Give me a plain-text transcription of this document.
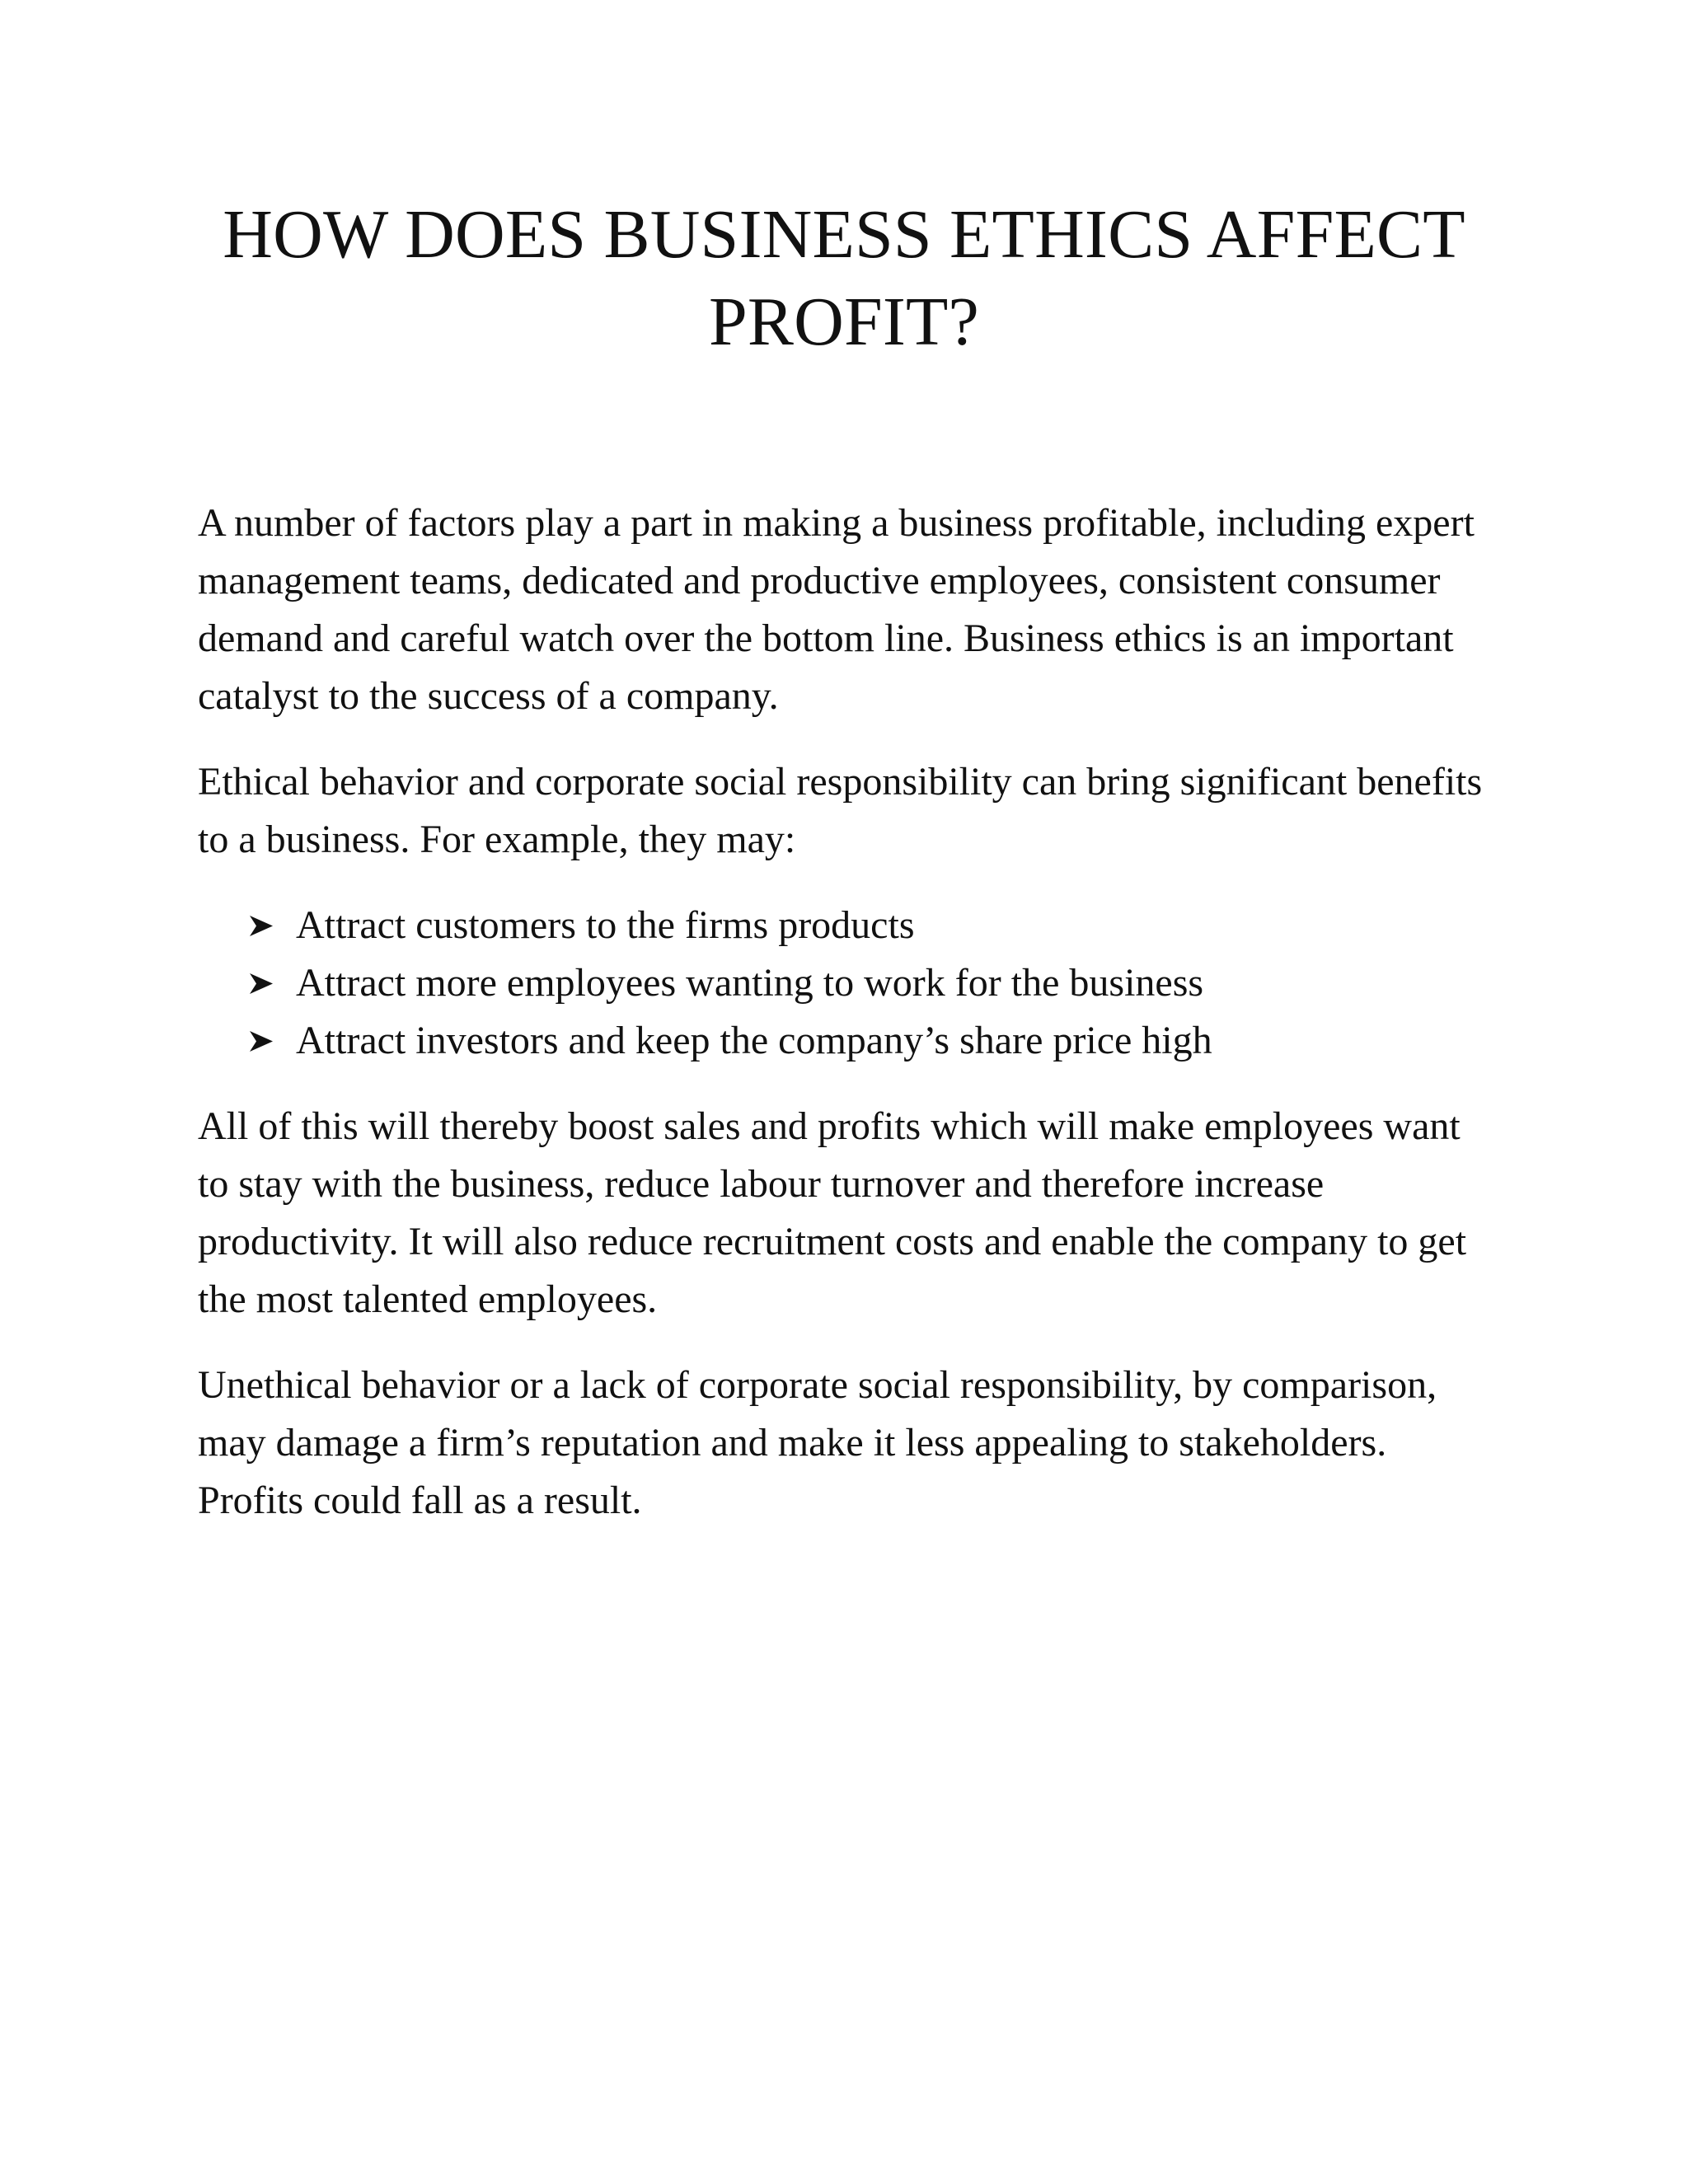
HOW DOES BUSINESS ETHICS AFFECT PROFIT?

A number of factors play a part in making a business profitable, including expert management teams, dedicated and productive employees, consistent consumer demand and careful watch over the bottom line. Business ethics is an important catalyst to the success of a company.

Ethical behavior and corporate social responsibility can bring significant benefits to a business. For example, they may:

Attract customers to the firms products
Attract more employees wanting to work for the business
Attract investors and keep the company’s share price high

All of this will thereby boost sales and profits which will make employees want to stay with the business, reduce labour turnover and therefore increase productivity. It will also reduce recruitment costs and enable the company to get the most talented employees.

Unethical behavior or a lack of corporate social responsibility, by comparison, may damage a firm’s reputation and make it less appealing to stakeholders. Profits could fall as a result.
